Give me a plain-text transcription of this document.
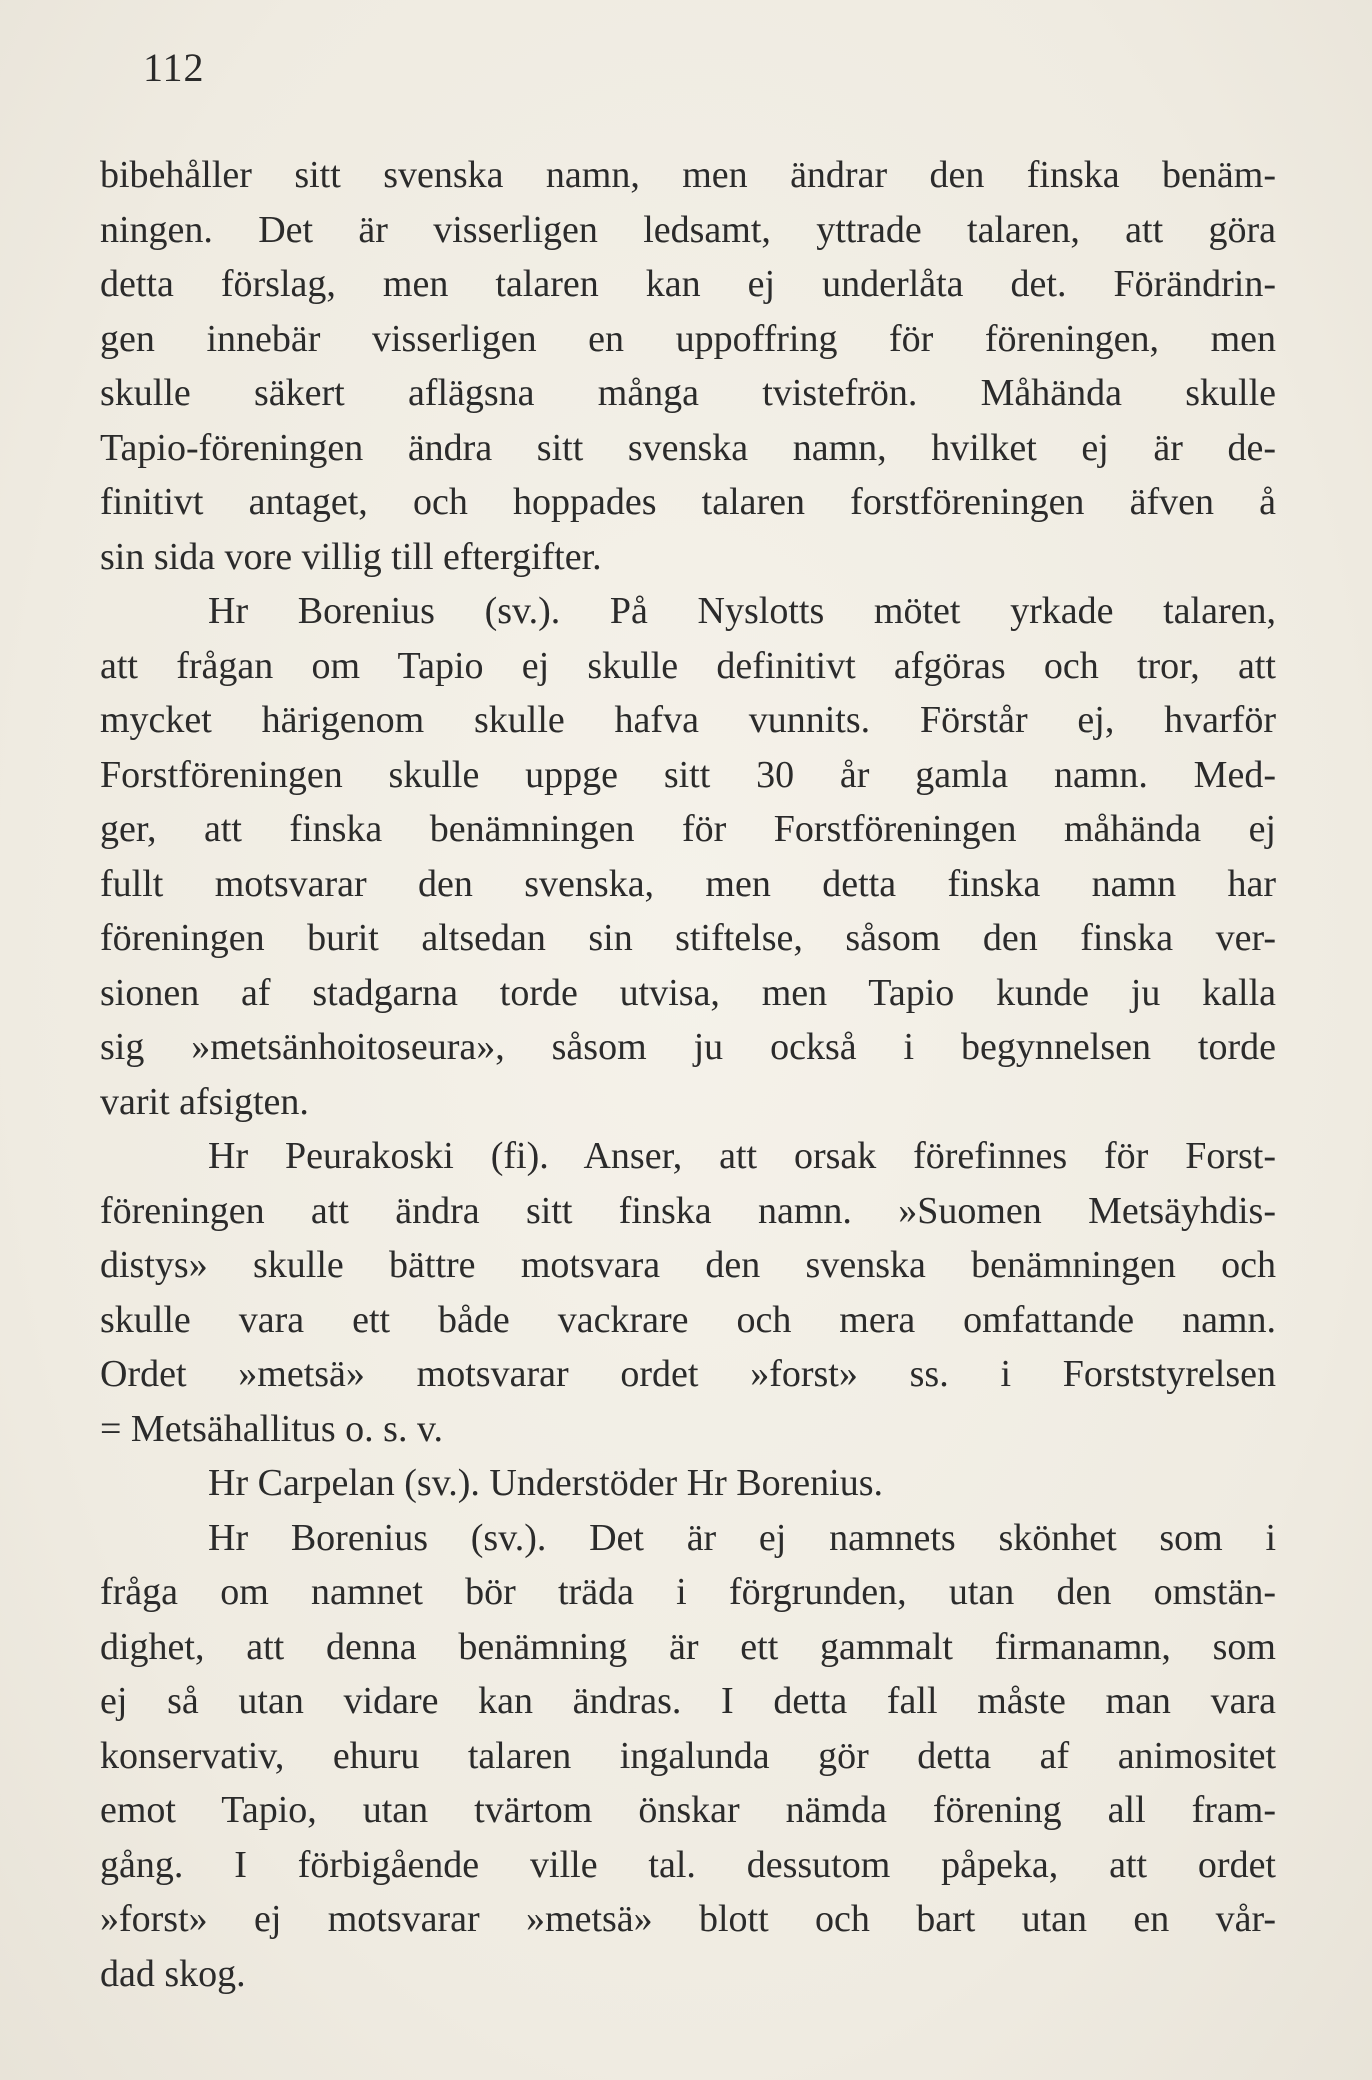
112
bibehåller sitt svenska namn, men ändrar den finska benäm-
ningen. Det är visserligen ledsamt, yttrade talaren, att göra
detta förslag, men talaren kan ej underlåta det. Förändrin-
gen innebär visserligen en uppoffring för föreningen, men
skulle säkert aflägsna många tvistefrön. Måhända skulle
Tapio-föreningen ändra sitt svenska namn, hvilket ej är de-
finitivt antaget, och hoppades talaren forstföreningen äfven å
sin sida vore villig till eftergifter.
Hr Borenius (sv.). På Nyslotts mötet yrkade talaren,
att frågan om Tapio ej skulle definitivt afgöras och tror, att
mycket härigenom skulle hafva vunnits. Förstår ej, hvarför
Forstföreningen skulle uppge sitt 30 år gamla namn. Med-
ger, att finska benämningen för Forstföreningen måhända ej
fullt motsvarar den svenska, men detta finska namn har
föreningen burit altsedan sin stiftelse, såsom den finska ver-
sionen af stadgarna torde utvisa, men Tapio kunde ju kalla
sig »metsänhoitoseura», såsom ju också i begynnelsen torde
varit afsigten.
Hr Peurakoski (fi). Anser, att orsak förefinnes för Forst-
föreningen att ändra sitt finska namn. »Suomen Metsäyhdis-
distys» skulle bättre motsvara den svenska benämningen och
skulle vara ett både vackrare och mera omfattande namn.
Ordet »metsä» motsvarar ordet »forst» ss. i Forststyrelsen
= Metsähallitus o. s. v.
Hr Carpelan (sv.). Understöder Hr Borenius.
Hr Borenius (sv.). Det är ej namnets skönhet som i
fråga om namnet bör träda i förgrunden, utan den omstän-
dighet, att denna benämning är ett gammalt firmanamn, som
ej så utan vidare kan ändras. I detta fall måste man vara
konservativ, ehuru talaren ingalunda gör detta af animositet
emot Tapio, utan tvärtom önskar nämda förening all fram-
gång. I förbigående ville tal. dessutom påpeka, att ordet
»forst» ej motsvarar »metsä» blott och bart utan en vår-
dad skog.
